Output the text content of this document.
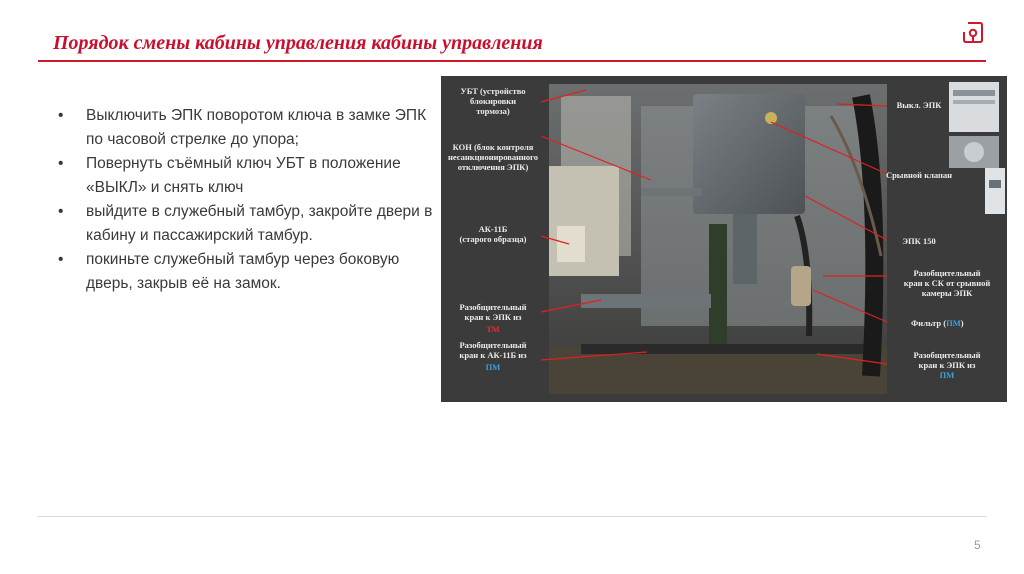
Порядок смены кабины управления кабины управления
• Выключить ЭПК поворотом ключа в замке ЭПК по часовой стрелке до упора;
• Повернуть съёмный ключ УБТ в положение «ВЫКЛ» и снять ключ
• выйдите в служебный тамбур, закройте двери в кабину и пассажирский тамбур.
• покиньте служебный тамбур через боковую дверь, закрыв её на замок.
УБТ (устройство
блокировки
тормоза)
КОН (блок контроля
несанкционированного
отключения ЭПК)
АК-11Б
(старого образца)
Разобщительный
кран к ЭПК из
ТМ
Разобщительный
кран к АК-11Б из
ПМ
Выкл. ЭПК
Срывной клапан
ЭПК 150
Разобщительный
кран к СК от срывной
камеры ЭПК
Разобщительный
кран к ЭПК из
ПМ
Фильтр (ПМ)
5
